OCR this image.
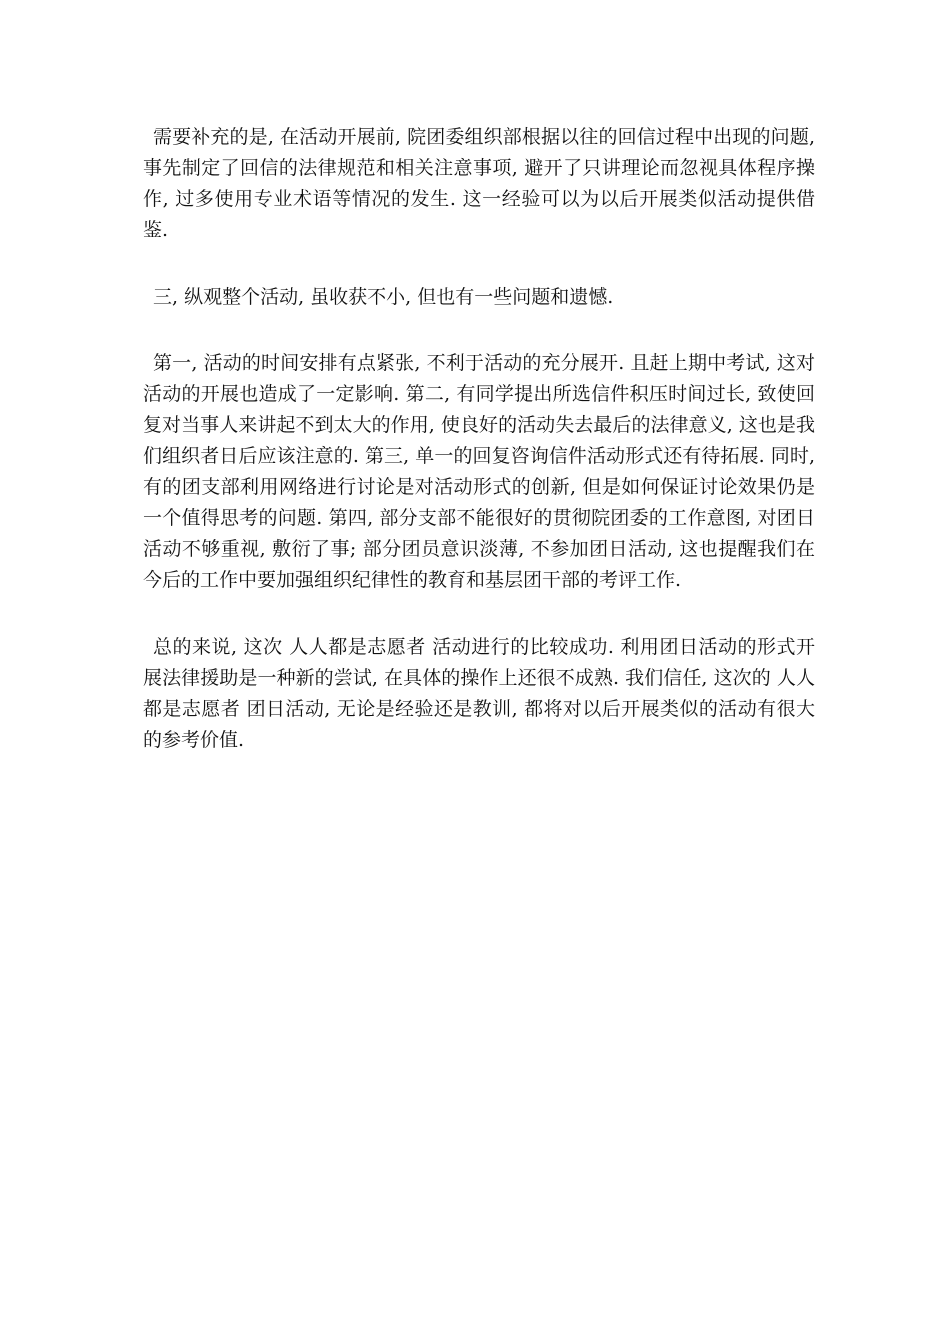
需要补充的是, 在活动开展前, 院团委组织部根据以往的回信过程中出现的问题, 事先制定了回信的法律规范和相关注意事项, 避开了只讲理论而忽视具体程序操作, 过多使用专业术语等情况的发生. 这一经验可以为以后开展类似活动提供借鉴.

三, 纵观整个活动, 虽收获不小, 但也有一些问题和遗憾.

第一, 活动的时间安排有点紧张, 不利于活动的充分展开. 且赶上期中考试, 这对活动的开展也造成了一定影响. 第二, 有同学提出所选信件积压时间过长, 致使回复对当事人来讲起不到太大的作用, 使良好的活动失去最后的法律意义, 这也是我们组织者日后应该注意的. 第三, 单一的回复咨询信件活动形式还有待拓展. 同时, 有的团支部利用网络进行讨论是对活动形式的创新, 但是如何保证讨论效果仍是一个值得思考的问题. 第四, 部分支部不能很好的贯彻院团委的工作意图, 对团日活动不够重视, 敷衍了事; 部分团员意识淡薄, 不参加团日活动, 这也提醒我们在今后的工作中要加强组织纪律性的教育和基层团干部的考评工作.

总的来说, 这次 人人都是志愿者 活动进行的比较成功. 利用团日活动的形式开展法律援助是一种新的尝试, 在具体的操作上还很不成熟. 我们信任, 这次的 人人都是志愿者 团日活动, 无论是经验还是教训, 都将对以后开展类似的活动有很大的参考价值.
